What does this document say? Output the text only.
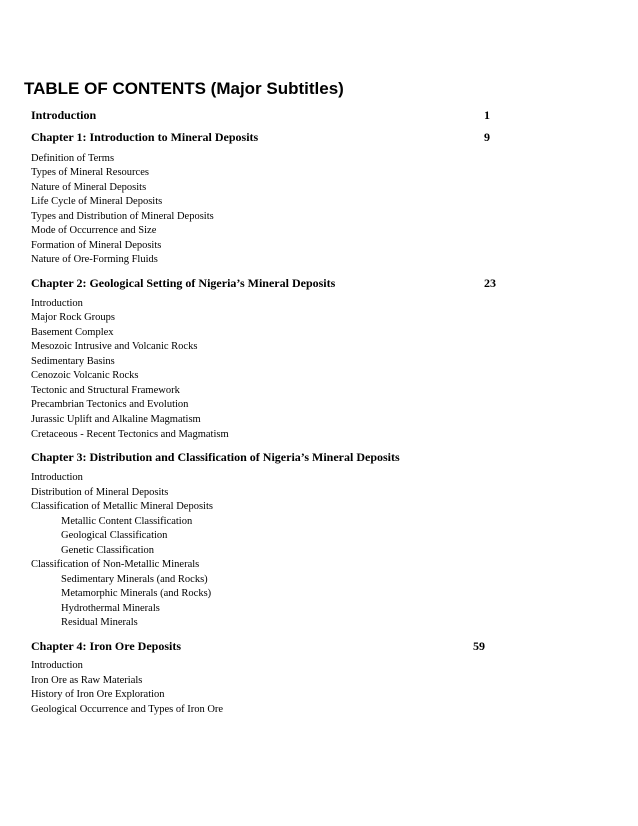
TABLE OF CONTENTS (Major Subtitles)
Introduction	1
Chapter 1: Introduction to Mineral Deposits	9
Definition of Terms
Types of Mineral Resources
Nature of Mineral Deposits
Life Cycle of Mineral Deposits
Types and Distribution of Mineral Deposits
Mode of Occurrence and Size
Formation of Mineral Deposits
Nature of Ore-Forming Fluids
Chapter 2: Geological Setting of Nigeria’s Mineral Deposits	23
Introduction
Major Rock Groups
Basement Complex
Mesozoic Intrusive and Volcanic Rocks
Sedimentary Basins
Cenozoic Volcanic Rocks
Tectonic and Structural Framework
Precambrian Tectonics and Evolution
Jurassic Uplift and Alkaline Magmatism
Cretaceous - Recent Tectonics and Magmatism
Chapter 3: Distribution and Classification of Nigeria’s Mineral Deposits
Introduction
Distribution of Mineral Deposits
Classification of Metallic Mineral Deposits
Metallic Content Classification
Geological Classification
Genetic Classification
Classification of Non-Metallic Minerals
Sedimentary Minerals (and Rocks)
Metamorphic Minerals (and Rocks)
Hydrothermal Minerals
Residual Minerals
Chapter 4: Iron Ore Deposits	59
Introduction
Iron Ore as Raw Materials
History of Iron Ore Exploration
Geological Occurrence and Types of Iron Ore
